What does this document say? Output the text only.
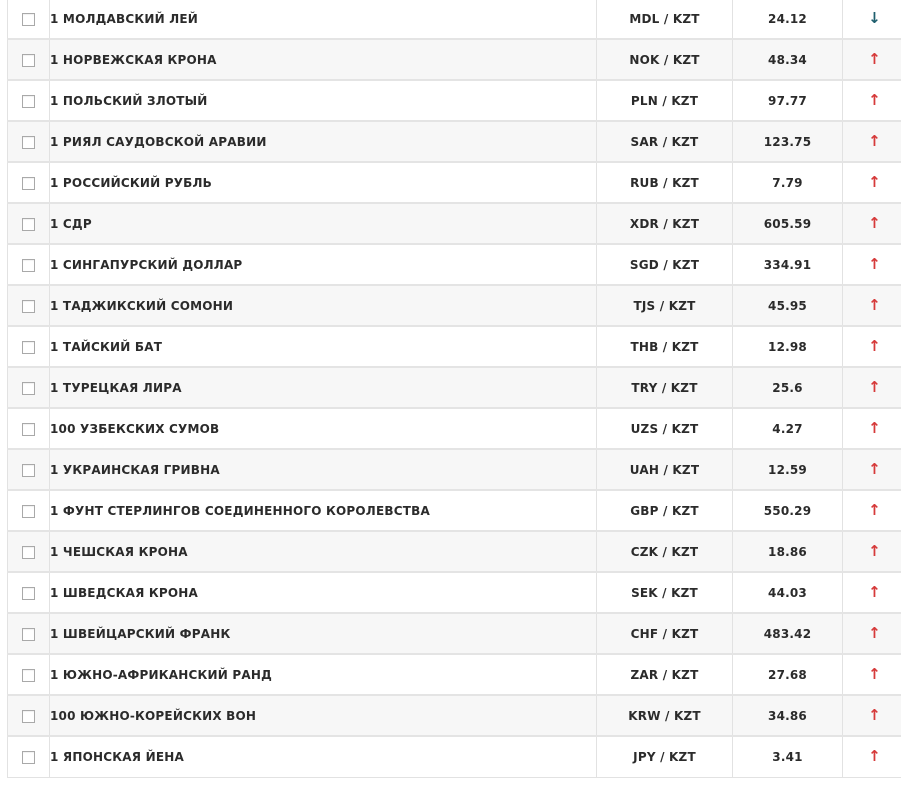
	1 МОЛДАВСКИЙ ЛЕЙ	MDL / KZT	24.12	↓
	1 НОРВЕЖСКАЯ КРОНА	NOK / KZT	48.34	↑
	1 ПОЛЬСКИЙ ЗЛОТЫЙ	PLN / KZT	97.77	↑
	1 РИЯЛ САУДОВСКОЙ АРАВИИ	SAR / KZT	123.75	↑
	1 РОССИЙСКИЙ РУБЛЬ	RUB / KZT	7.79	↑
	1 СДР	XDR / KZT	605.59	↑
	1 СИНГАПУРСКИЙ ДОЛЛАР	SGD / KZT	334.91	↑
	1 ТАДЖИКСКИЙ СОМОНИ	TJS / KZT	45.95	↑
	1 ТАЙСКИЙ БАТ	THB / KZT	12.98	↑
	1 ТУРЕЦКАЯ ЛИРА	TRY / KZT	25.6	↑
	100 УЗБЕКСКИХ СУМОВ	UZS / KZT	4.27	↑
	1 УКРАИНСКАЯ ГРИВНА	UAH / KZT	12.59	↑
	1 ФУНТ СТЕРЛИНГОВ СОЕДИНЕННОГО КОРОЛЕВСТВА	GBP / KZT	550.29	↑
	1 ЧЕШСКАЯ КРОНА	CZK / KZT	18.86	↑
	1 ШВЕДСКАЯ КРОНА	SEK / KZT	44.03	↑
	1 ШВЕЙЦАРСКИЙ ФРАНК	CHF / KZT	483.42	↑
	1 ЮЖНО-АФРИКАНСКИЙ РАНД	ZAR / KZT	27.68	↑
	100 ЮЖНО-КОРЕЙСКИХ ВОН	KRW / KZT	34.86	↑
	1 ЯПОНСКАЯ ЙЕНА	JPY / KZT	3.41	↑
